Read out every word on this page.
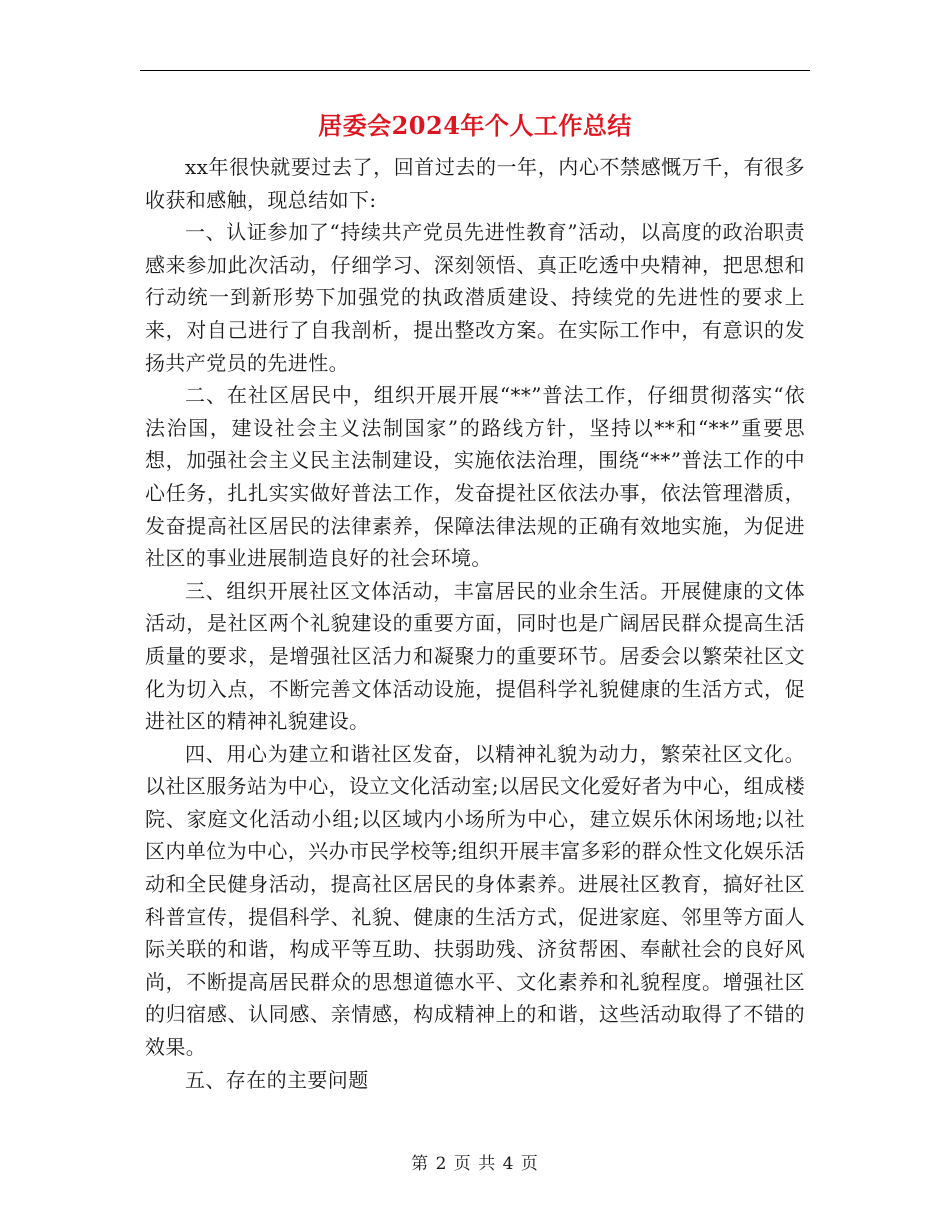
居委会2024年个人工作总结

xx年很快就要过去了，回首过去的一年，内心不禁感慨万千，有很多收获和感触，现总结如下:

一、认证参加了“持续共产党员先进性教育”活动，以高度的政治职责感来参加此次活动，仔细学习、深刻领悟、真正吃透中央精神，把思想和行动统一到新形势下加强党的执政潜质建设、持续党的先进性的要求上来，对自己进行了自我剖析，提出整改方案。在实际工作中，有意识的发扬共产党员的先进性。

二、在社区居民中，组织开展开展“**”普法工作，仔细贯彻落实“依法治国，建设社会主义法制国家”的路线方针，坚持以**和“**”重要思想，加强社会主义民主法制建设，实施依法治理，围绕“**”普法工作的中心任务，扎扎实实做好普法工作，发奋提社区依法办事，依法管理潜质，发奋提高社区居民的法律素养，保障法律法规的正确有效地实施，为促进社区的事业进展制造良好的社会环境。

三、组织开展社区文体活动，丰富居民的业余生活。开展健康的文体活动，是社区两个礼貌建设的重要方面，同时也是广阔居民群众提高生活质量的要求，是增强社区活力和凝聚力的重要环节。居委会以繁荣社区文化为切入点，不断完善文体活动设施，提倡科学礼貌健康的生活方式，促进社区的精神礼貌建设。

四、用心为建立和谐社区发奋，以精神礼貌为动力，繁荣社区文化。以社区服务站为中心，设立文化活动室;以居民文化爱好者为中心，组成楼院、家庭文化活动小组;以区域内小场所为中心，建立娱乐休闲场地;以社区内单位为中心，兴办市民学校等;组织开展丰富多彩的群众性文化娱乐活动和全民健身活动，提高社区居民的身体素养。进展社区教育，搞好社区科普宣传，提倡科学、礼貌、健康的生活方式，促进家庭、邻里等方面人际关联的和谐，构成平等互助、扶弱助残、济贫帮困、奉献社会的良好风尚，不断提高居民群众的思想道德水平、文化素养和礼貌程度。增强社区的归宿感、认同感、亲情感，构成精神上的和谐，这些活动取得了不错的效果。

五、存在的主要问题

第 2 页 共 4 页
